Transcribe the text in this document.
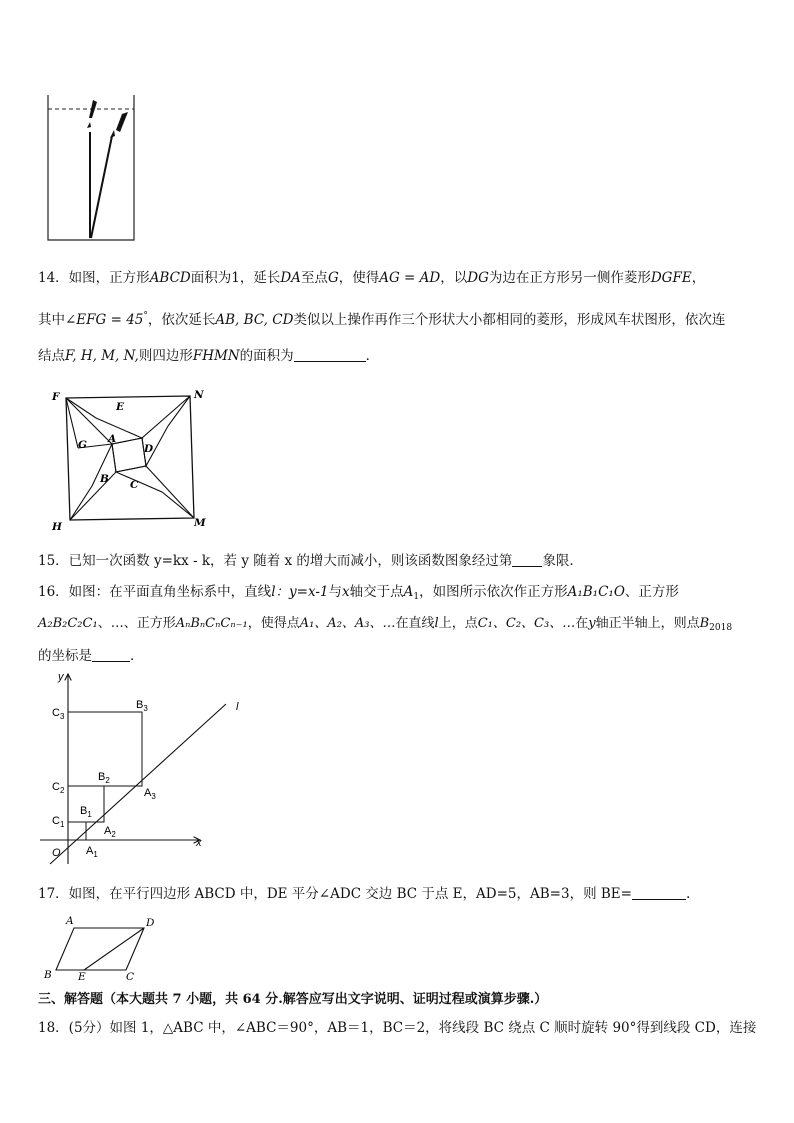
14．如图，正方形ABCD面积为1，延长DA至点G，使得AG = AD，以DG为边在正方形另一侧作菱形DGFE，
其中∠EFG = 45°，依次延长AB, BC, CD类似以上操作再作三个形状大小都相同的菱形，形成风车状图形，依次连
结点F, H, M, N,则四边形FHMN的面积为	．
F	N
E
G A
D
B C
H	M
15．已知一次函数 y=kx - k，若 y 随着 x 的增大而减小，则该函数图象经过第 象限．
16．如图：在平面直角坐标系中，直线l：y=x-1与x轴交于点$A_1$，如图所示依次作正方形A₁B₁C₁O、正方形
A₂B₂C₂C₁、…、正方形AₙBₙCₙCₙ₋₁，使得点A₁、A₂、A₃、…在直线l上，点C₁、C₂、C₃、…在y轴正半轴上，则点$B_{2018}$
的坐标是	．
l
y
x
O
$C_3$
$C_2$
$C_1$
$B_3$
$B_2$
$B_1$
$A_3$
$A_2$
$A_1$
17．如图，在平行四边形 ABCD 中，DE 平分∠ADC 交边 BC 于点 E，AD=5，AB=3，则 BE=	.
A	D
B	E	C
三、解答题（本大题共 7 小题，共 64 分.解答应写出文字说明、证明过程或演算步骤.）
18．(5分）如图 1，△ABC 中，∠ABC＝90°，AB＝1，BC＝2，将线段 BC 绕点 C 顺时旋转 90°得到线段 CD，连接
